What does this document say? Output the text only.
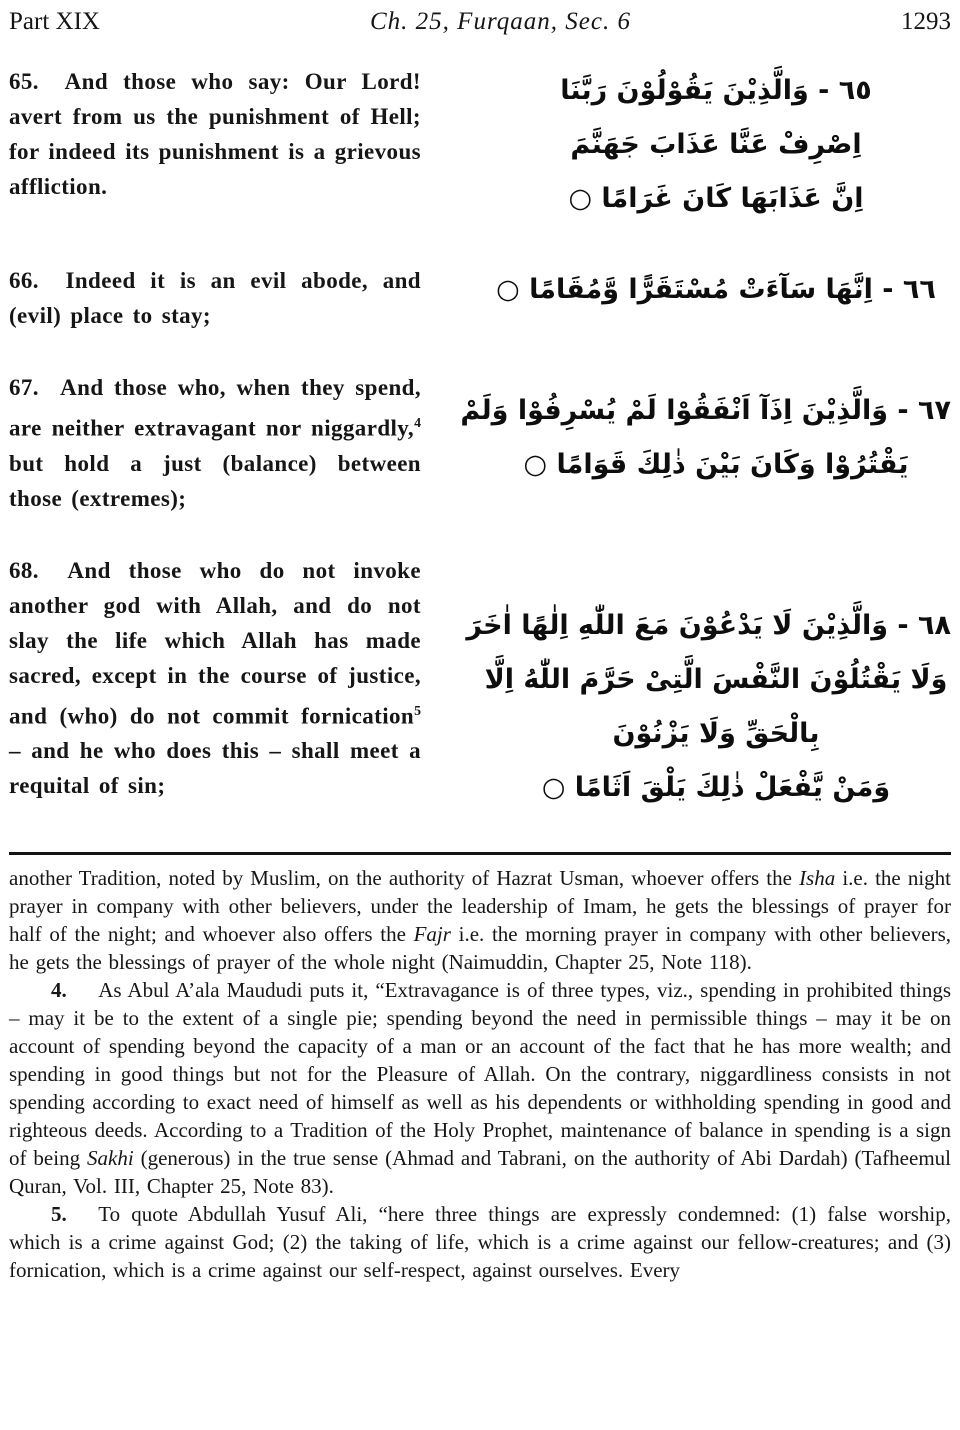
Part XIX	Ch. 25, Furqaan, Sec. 6	1293
65.  And those who say: Our Lord! avert from us the punishment of Hell; for indeed its punishment is a grievous affliction.
٦٥ - وَالَّذِيْنَ يَقُوْلُوْنَ رَبَّنَا
اِصْرِفْ عَنَّا عَذَابَ جَهَنَّمَ
اِنَّ عَذَابَهَا كَانَ غَرَامًا ○
66.  Indeed it is an evil abode, and (evil) place to stay;
٦٦ - اِنَّهَا سَآءَتْ مُسْتَقَرًّا وَّمُقَامًا ○
67.  And those who, when they spend, are neither extravagant nor niggardly,$^4$ but hold a just (balance) between those (extremes);
٦٧ - وَالَّذِيْنَ اِذَآ اَنْفَقُوْا لَمْ يُسْرِفُوْا وَلَمْ
يَقْتُرُوْا وَكَانَ بَيْنَ ذٰلِكَ قَوَامًا ○
68.  And those who do not invoke another god with Allah, and do not slay the life which Allah has made sacred, except in the course of justice, and (who) do not commit fornication$^5$ – and he who does this – shall meet a requital of sin;
٦٨ - وَالَّذِيْنَ لَا يَدْعُوْنَ مَعَ اللّٰهِ اِلٰهًا اٰخَرَ
وَلَا يَقْتُلُوْنَ النَّفْسَ الَّتِىْ حَرَّمَ اللّٰهُ اِلَّا
بِالْحَقِّ وَلَا يَزْنُوْنَ
وَمَنْ يَّفْعَلْ ذٰلِكَ يَلْقَ اَثَامًا ○

another Tradition, noted by Muslim, on the authority of Hazrat Usman, whoever offers the Isha i.e. the night prayer in company with other believers, under the leadership of Imam, he gets the blessings of prayer for half of the night; and whoever also offers the Fajr i.e. the morning prayer in company with other believers, he gets the blessings of prayer of the whole night (Naimuddin, Chapter 25, Note 118).

4.   As Abul A’ala Maududi puts it, “Extravagance is of three types, viz., spending in prohibited things – may it be to the extent of a single pie; spending beyond the need in permissible things – may it be on account of spending beyond the capacity of a man or an account of the fact that he has more wealth; and spending in good things but not for the Pleasure of Allah. On the contrary, niggardliness consists in not spending according to exact need of himself as well as his dependents or withholding spending in good and righteous deeds. According to a Tradition of the Holy Prophet, maintenance of balance in spending is a sign of being Sakhi (generous) in the true sense (Ahmad and Tabrani, on the authority of Abi Dardah) (Tafheemul Quran, Vol. III, Chapter 25, Note 83).

5.   To quote Abdullah Yusuf Ali, “here three things are expressly condemned: (1) false worship, which is a crime against God; (2) the taking of life, which is a crime against our fellow-creatures; and (3) fornication, which is a crime against our self-respect, against ourselves. Every
